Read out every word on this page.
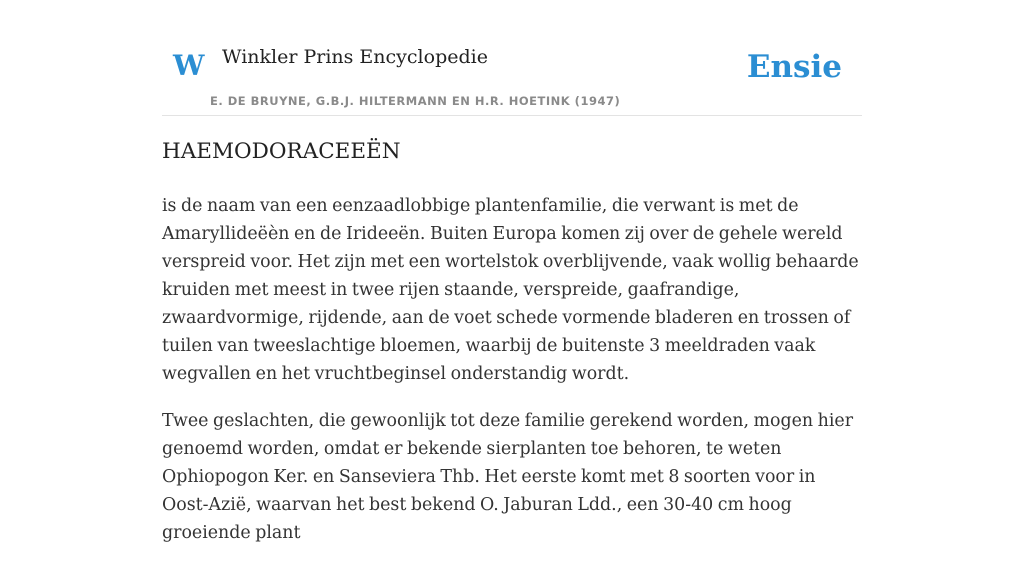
W Winkler Prins Encyclopedie
E. DE BRUYNE, G.B.J. HILTERMANN EN H.R. HOETINK (1947)
Ensie
HAEMODORACEEËN

is de naam van een eenzaadlobbige plantenfamilie, die verwant is met de Amaryllideëèn en de Irideeën. Buiten Europa komen zij over de gehele wereld verspreid voor. Het zijn met een wortelstok overblijvende, vaak wollig behaarde kruiden met meest in twee rijen staande, verspreide, gaafrandige, zwaardvormige, rijdende, aan de voet schede vormende bladeren en trossen of tuilen van tweeslachtige bloemen, waarbij de buitenste 3 meeldraden vaak wegvallen en het vruchtbeginsel onderstandig wordt.

Twee geslachten, die gewoonlijk tot deze familie gerekend worden, mogen hier genoemd worden, omdat er bekende sierplanten toe behoren, te weten Ophiopogon Ker. en Sanseviera Thb. Het eerste komt met 8 soorten voor in Oost-Azië, waarvan het best bekend O. Jaburan Ldd., een 30-40 cm hoog groeiende plant
